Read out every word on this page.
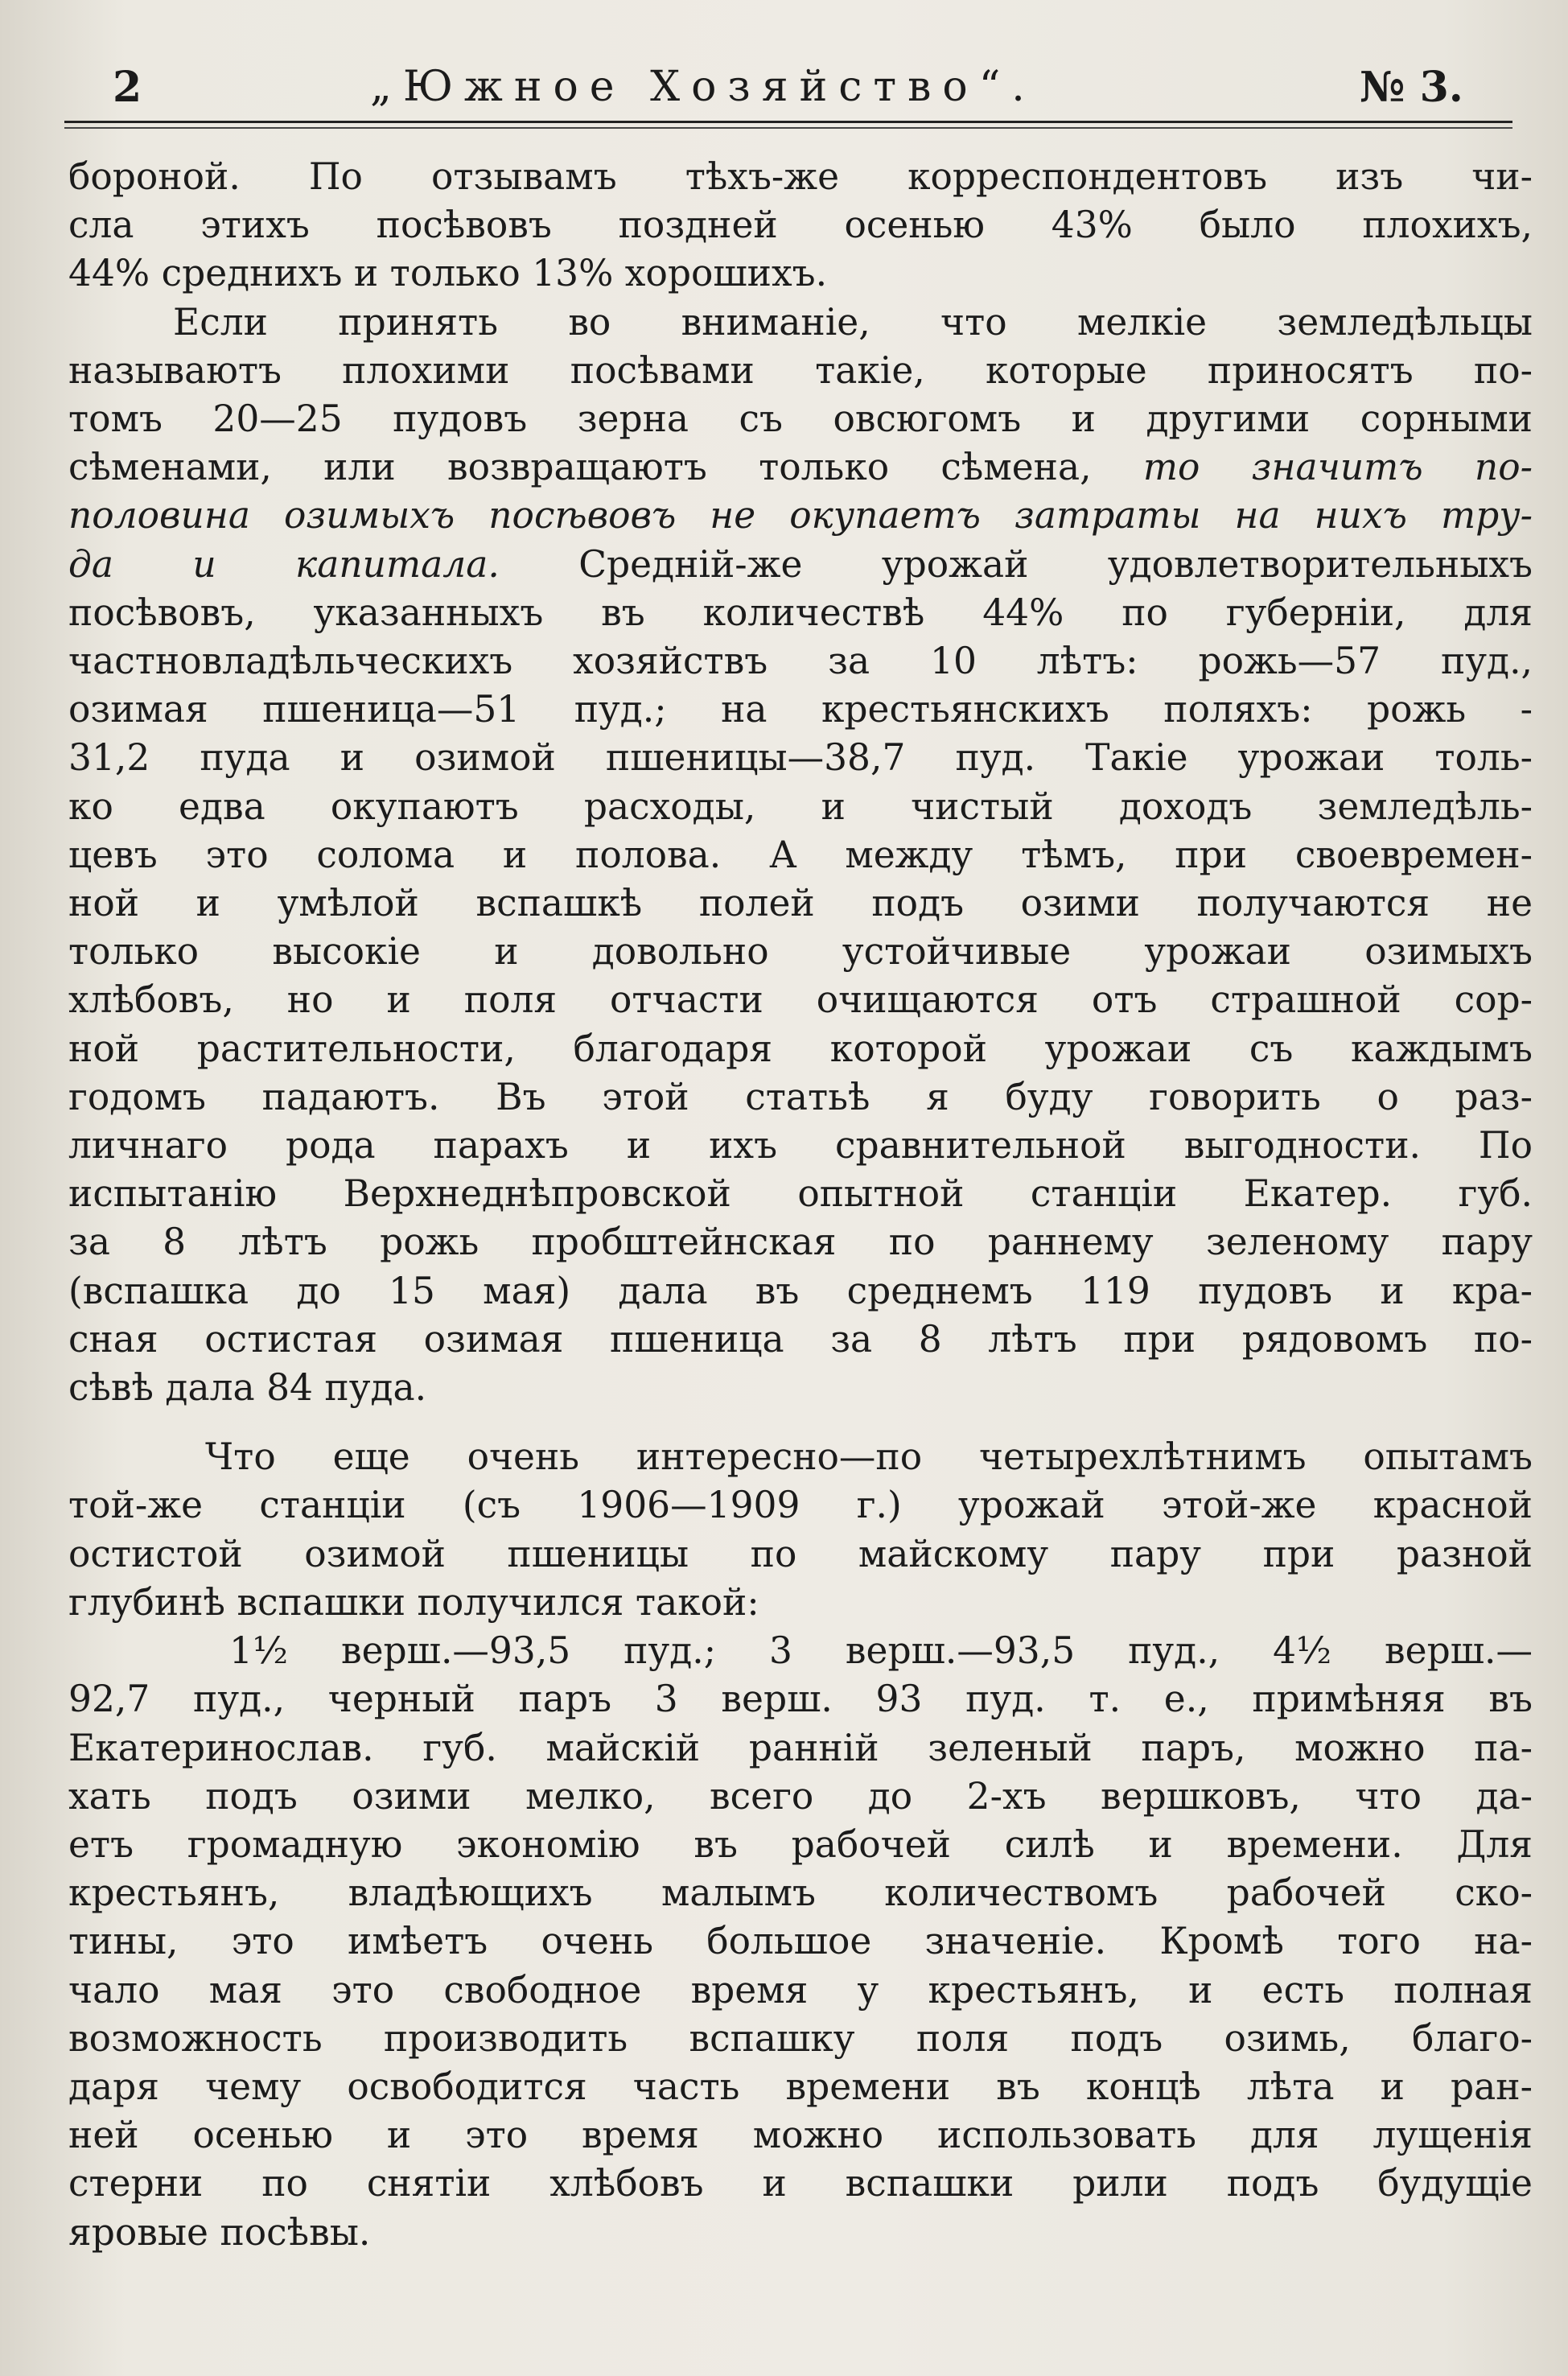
2	„Южное Хозяйство“.	№ 3.
бороной. По отзывамъ тѣхъ-же корреспондентовъ изъ чи-
сла этихъ посѣвовъ поздней осенью 43% было плохихъ,
44% среднихъ и только 13% хорошихъ.
Если принять во вниманіе, что мелкіе земледѣльцы
называютъ плохими посѣвами такіе, которые приносятъ по-
томъ 20—25 пудовъ зерна съ овсюгомъ и другими сорными
сѣменами, или возвращаютъ только сѣмена, то значитъ по-
половина озимыхъ посѣвовъ не окупаетъ затраты на нихъ тру-
да и капитала. Средній-же урожай удовлетворительныхъ
посѣвовъ, указанныхъ въ количествѣ 44% по губерніи, для
частновладѣльческихъ хозяйствъ за 10 лѣтъ: рожь—57 пуд.,
озимая пшеница—51 пуд.; на крестьянскихъ поляхъ: рожь -
31,2 пуда и озимой пшеницы—38,7 пуд. Такіе урожаи толь-
ко едва окупаютъ расходы, и чистый доходъ земледѣль-
цевъ это солома и полова. А между тѣмъ, при своевремен-
ной и умѣлой вспашкѣ полей подъ озими получаются не
только высокіе и довольно устойчивые урожаи озимыхъ
хлѣбовъ, но и поля отчасти очищаются отъ страшной сор-
ной растительности, благодаря которой урожаи съ каждымъ
годомъ падаютъ. Въ этой статьѣ я буду говорить о раз-
личнаго рода парахъ и ихъ сравнительной выгодности. По
испытанію Верхнеднѣпровской опытной станціи Екатер. губ.
за 8 лѣтъ рожь пробштейнская по раннему зеленому пару
(вспашка до 15 мая) дала въ среднемъ 119 пудовъ и кра-
сная остистая озимая пшеница за 8 лѣтъ при рядовомъ по-
сѣвѣ дала 84 пуда.
Что еще очень интересно—по четырехлѣтнимъ опытамъ
той-же станціи (съ 1906—1909 г.) урожай этой-же красной
остистой озимой пшеницы по майскому пару при разной
глубинѣ вспашки получился такой:
1½ верш.—93,5 пуд.; 3 верш.—93,5 пуд., 4½ верш.—
92,7 пуд., черный паръ 3 верш. 93 пуд. т. е., примѣняя въ
Екатеринослав. губ. майскій ранній зеленый паръ, можно па-
хать подъ озими мелко, всего до 2-хъ вершковъ, что да-
етъ громадную экономію въ рабочей силѣ и времени. Для
крестьянъ, владѣющихъ малымъ количествомъ рабочей ско-
тины, это имѣетъ очень большое значеніе. Кромѣ того на-
чало мая это свободное время у крестьянъ, и есть полная
возможность производить вспашку поля подъ озимь, благо-
даря чему освободится часть времени въ концѣ лѣта и ран-
ней осенью и это время можно использовать для лущенія
стерни по снятіи хлѣбовъ и вспашки рили подъ будущіе
яровые посѣвы.
